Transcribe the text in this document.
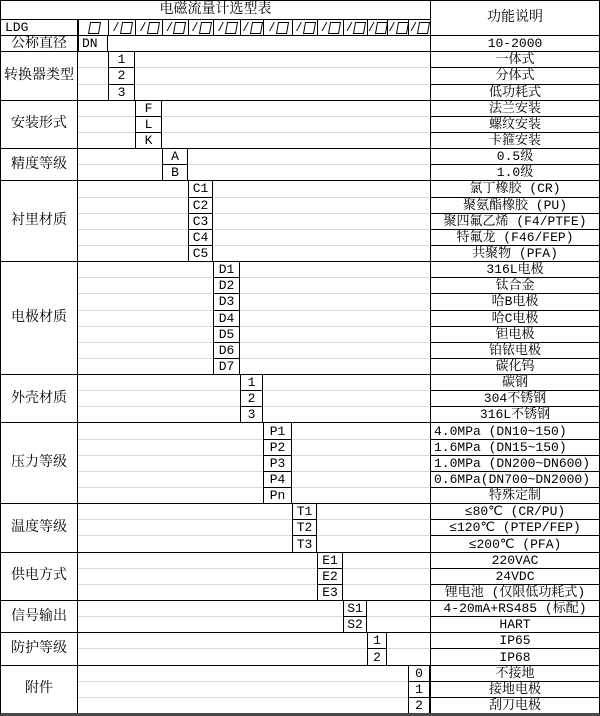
电磁流量计选型表
功能说明
LDG	/ / / / / / / / / / / / /
公称直径	DN	10-2000
转换器类型
1	一体式
2	分体式
3	低功耗式
安装形式
F	法兰安装
L	螺纹安装
K	卡箍安装
精度等级
A	0.5级
B	1.0级
衬里材质
C1	氯丁橡胶 (CR)
C2	聚氨酯橡胶 (PU)
C3	聚四氟乙烯 (F4/PTFE)
C4	特氟龙 (F46/FEP)
C5	共聚物 (PFA)
电极材质
D1	316L电极
D2	钛合金
D3	哈B电极
D4	哈C电极
D5	钽电极
D6	铂铱电极
D7	碳化钨
外壳材质
1	碳钢
2	304不锈钢
3	316L不锈钢
压力等级
P1	4.0MPa (DN10~150)
P2	1.6MPa (DN15~150)
P3	1.0MPa (DN200~DN600)
P4	0.6MPa(DN700~DN2000)
Pn	特殊定制
温度等级
T1	≤80℃ (CR/PU)
T2	≤120℃ (PTEP/FEP)
T3	≤200℃ (PFA)
供电方式
E1	220VAC
E2	24VDC
E3	锂电池 (仅限低功耗式)
信号输出
S1	4-20mA+RS485 (标配)
S2	HART
防护等级
1	IP65
2	IP68
附件
0	不接地
1	接地电极
2	刮刀电极
